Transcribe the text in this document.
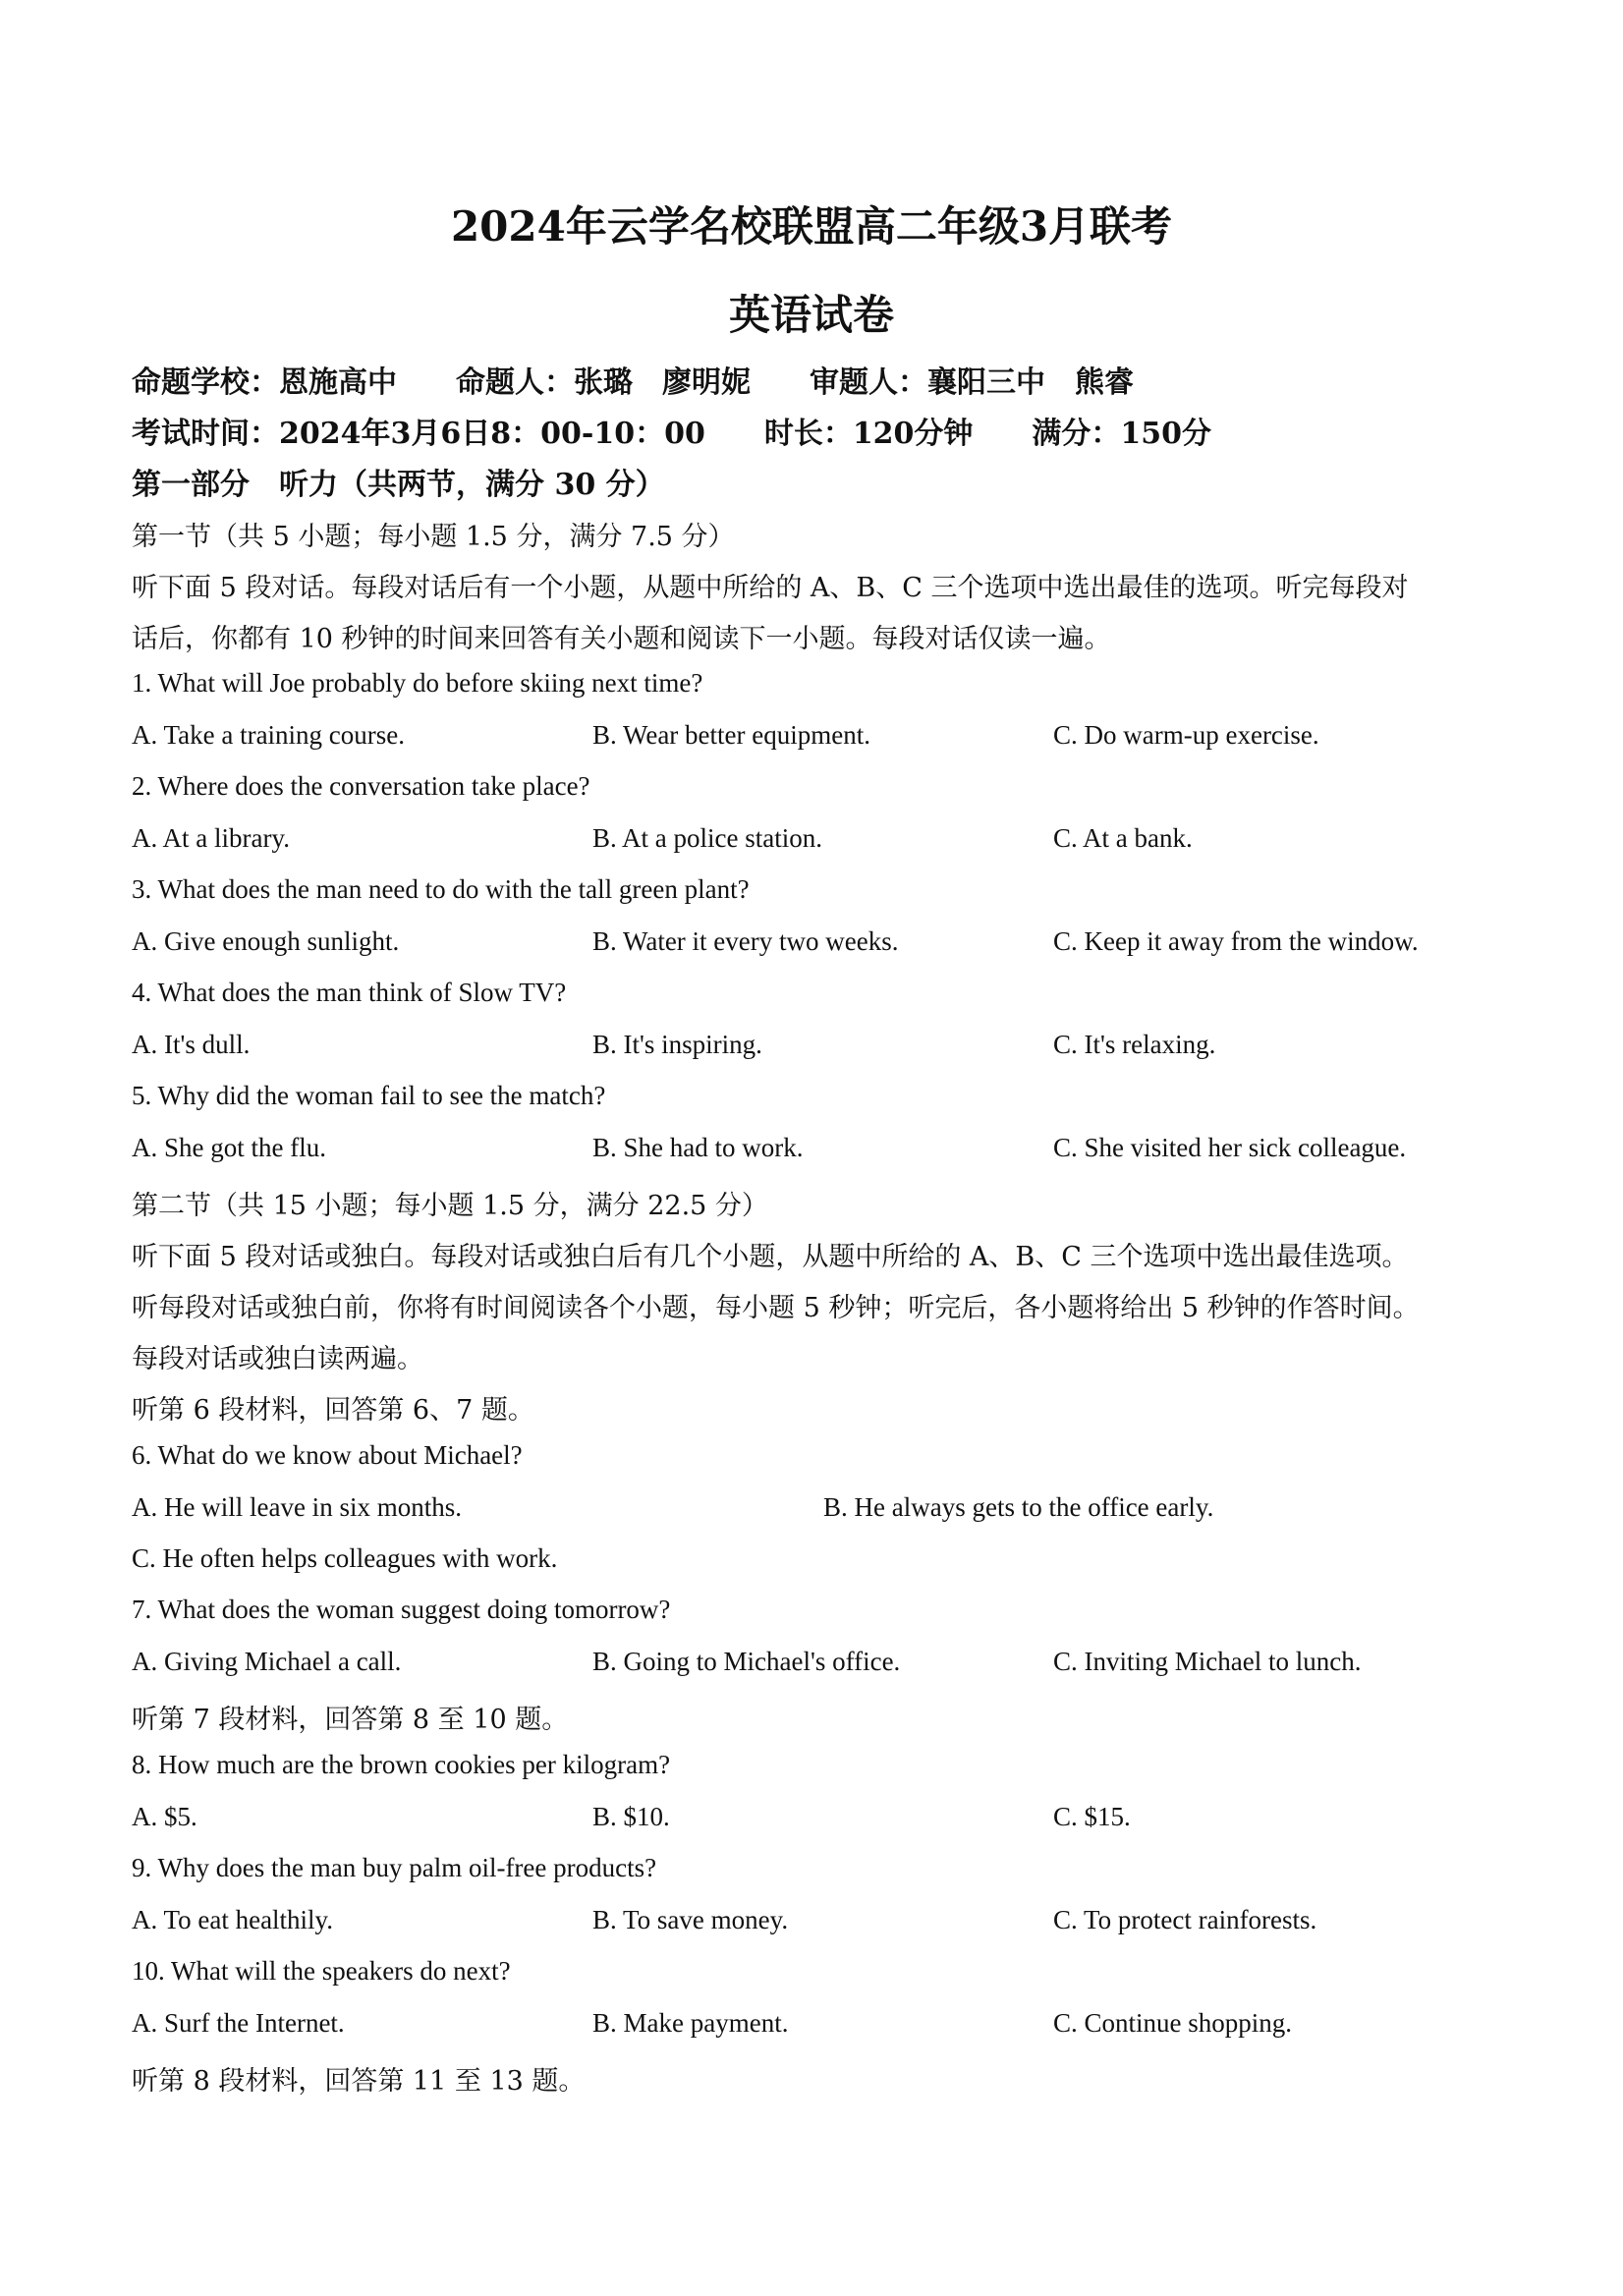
2024年云学名校联盟高二年级3月联考
英语试卷
命题学校：恩施高中　　命题人：张璐　廖明妮　　审题人：襄阳三中　熊睿
考试时间：2024年3月6日8：00-10：00　　时长：120分钟　　满分：150分
第一部分　听力（共两节，满分 30 分）
第一节（共 5 小题；每小题 1.5 分，满分 7.5 分）
听下面 5 段对话。每段对话后有一个小题，从题中所给的 A、B、C 三个选项中选出最佳的选项。听完每段对
话后，你都有 10 秒钟的时间来回答有关小题和阅读下一小题。每段对话仅读一遍。
1. What will Joe probably do before skiing next time?
A. Take a training course.	B. Wear better equipment.	C. Do warm-up exercise.
2. Where does the conversation take place?
A. At a library.	B. At a police station.	C. At a bank.
3. What does the man need to do with the tall green plant?
A. Give enough sunlight.	B. Water it every two weeks.	C. Keep it away from the window.
4. What does the man think of Slow TV?
A. It's dull.	B. It's inspiring.	C. It's relaxing.
5. Why did the woman fail to see the match?
A. She got the flu.	B. She had to work.	C. She visited her sick colleague.
第二节（共 15 小题；每小题 1.5 分，满分 22.5 分）
听下面 5 段对话或独白。每段对话或独白后有几个小题，从题中所给的 A、B、C 三个选项中选出最佳选项。
听每段对话或独白前，你将有时间阅读各个小题，每小题 5 秒钟；听完后，各小题将给出 5 秒钟的作答时间。
每段对话或独白读两遍。
听第 6 段材料，回答第 6、7 题。
6. What do we know about Michael?
A. He will leave in six months.	B. He always gets to the office early.
C. He often helps colleagues with work.
7. What does the woman suggest doing tomorrow?
A. Giving Michael a call.	B. Going to Michael's office.	C. Inviting Michael to lunch.
听第 7 段材料，回答第 8 至 10 题。
8. How much are the brown cookies per kilogram?
A. $5.	B. $10.	C. $15.
9. Why does the man buy palm oil-free products?
A. To eat healthily.	B. To save money.	C. To protect rainforests.
10. What will the speakers do next?
A. Surf the Internet.	B. Make payment.	C. Continue shopping.
听第 8 段材料，回答第 11 至 13 题。
